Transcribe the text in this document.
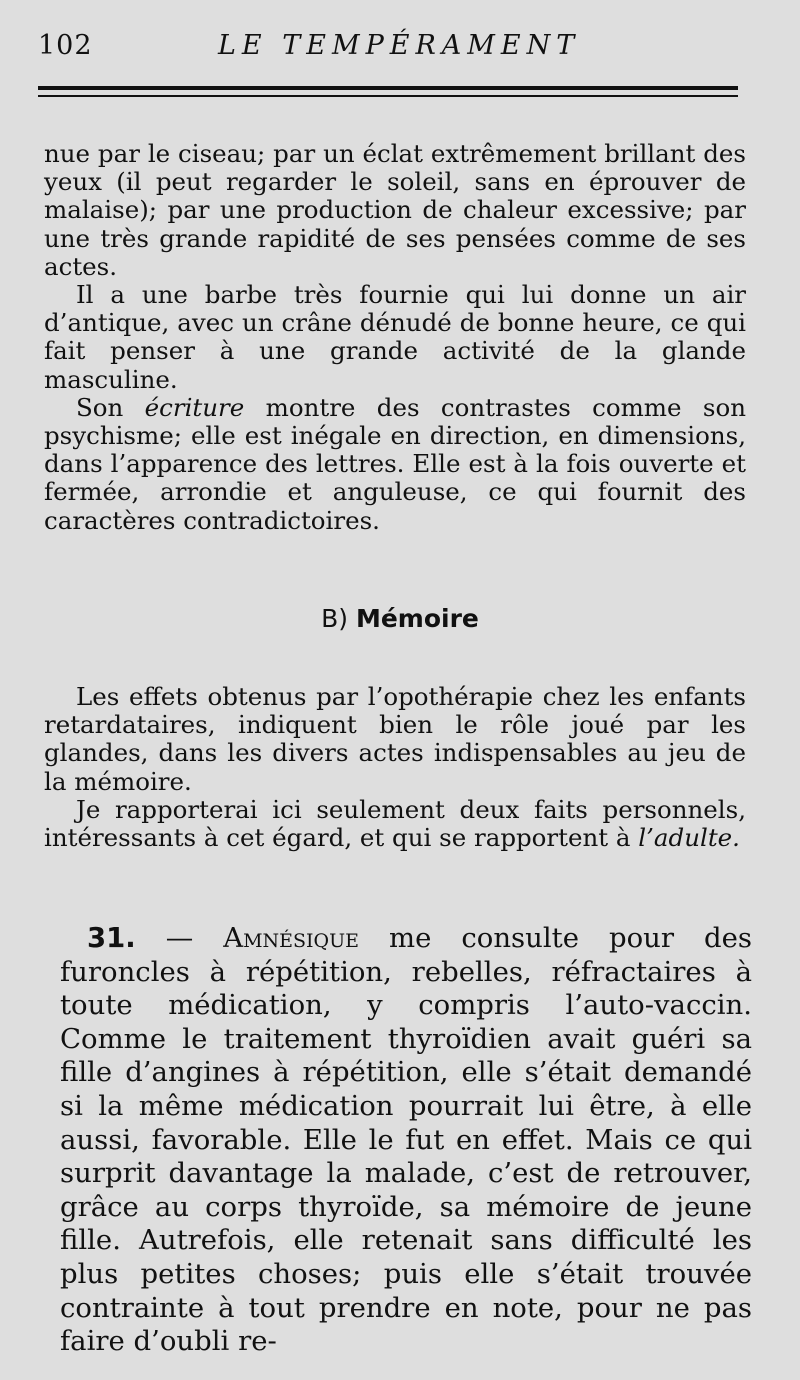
102	LE TEMPÉRAMENT

nue par le ciseau; par un éclat extrêmement brillant des yeux (il peut regarder le soleil, sans en éprouver de malaise); par une production de chaleur excessive; par une très grande rapidité de ses pensées comme de ses actes.

Il a une barbe très fournie qui lui donne un air d’antique, avec un crâne dénudé de bonne heure, ce qui fait penser à une grande activité de la glande masculine.

Son écriture montre des contrastes comme son psychisme; elle est inégale en direction, en dimensions, dans l’apparence des lettres. Elle est à la fois ouverte et fermée, arrondie et anguleuse, ce qui fournit des caractères contradictoires.

B) Mémoire

Les effets obtenus par l’opothérapie chez les enfants retardataires, indiquent bien le rôle joué par les glandes, dans les divers actes indispensables au jeu de la mémoire.

Je rapporterai ici seulement deux faits personnels, intéressants à cet égard, et qui se rapportent à l’adulte.

31. — Amnésique me consulte pour des furoncles à répétition, rebelles, réfractaires à toute médication, y compris l’auto-vaccin. Comme le traitement thyroïdien avait guéri sa fille d’angines à répétition, elle s’était demandé si la même médication pourrait lui être, à elle aussi, favorable. Elle le fut en effet. Mais ce qui surprit davantage la malade, c’est de retrouver, grâce au corps thyroïde, sa mémoire de jeune fille. Autrefois, elle retenait sans difficulté les plus petites choses; puis elle s’était trouvée contrainte à tout prendre en note, pour ne pas faire d’oubli re-
